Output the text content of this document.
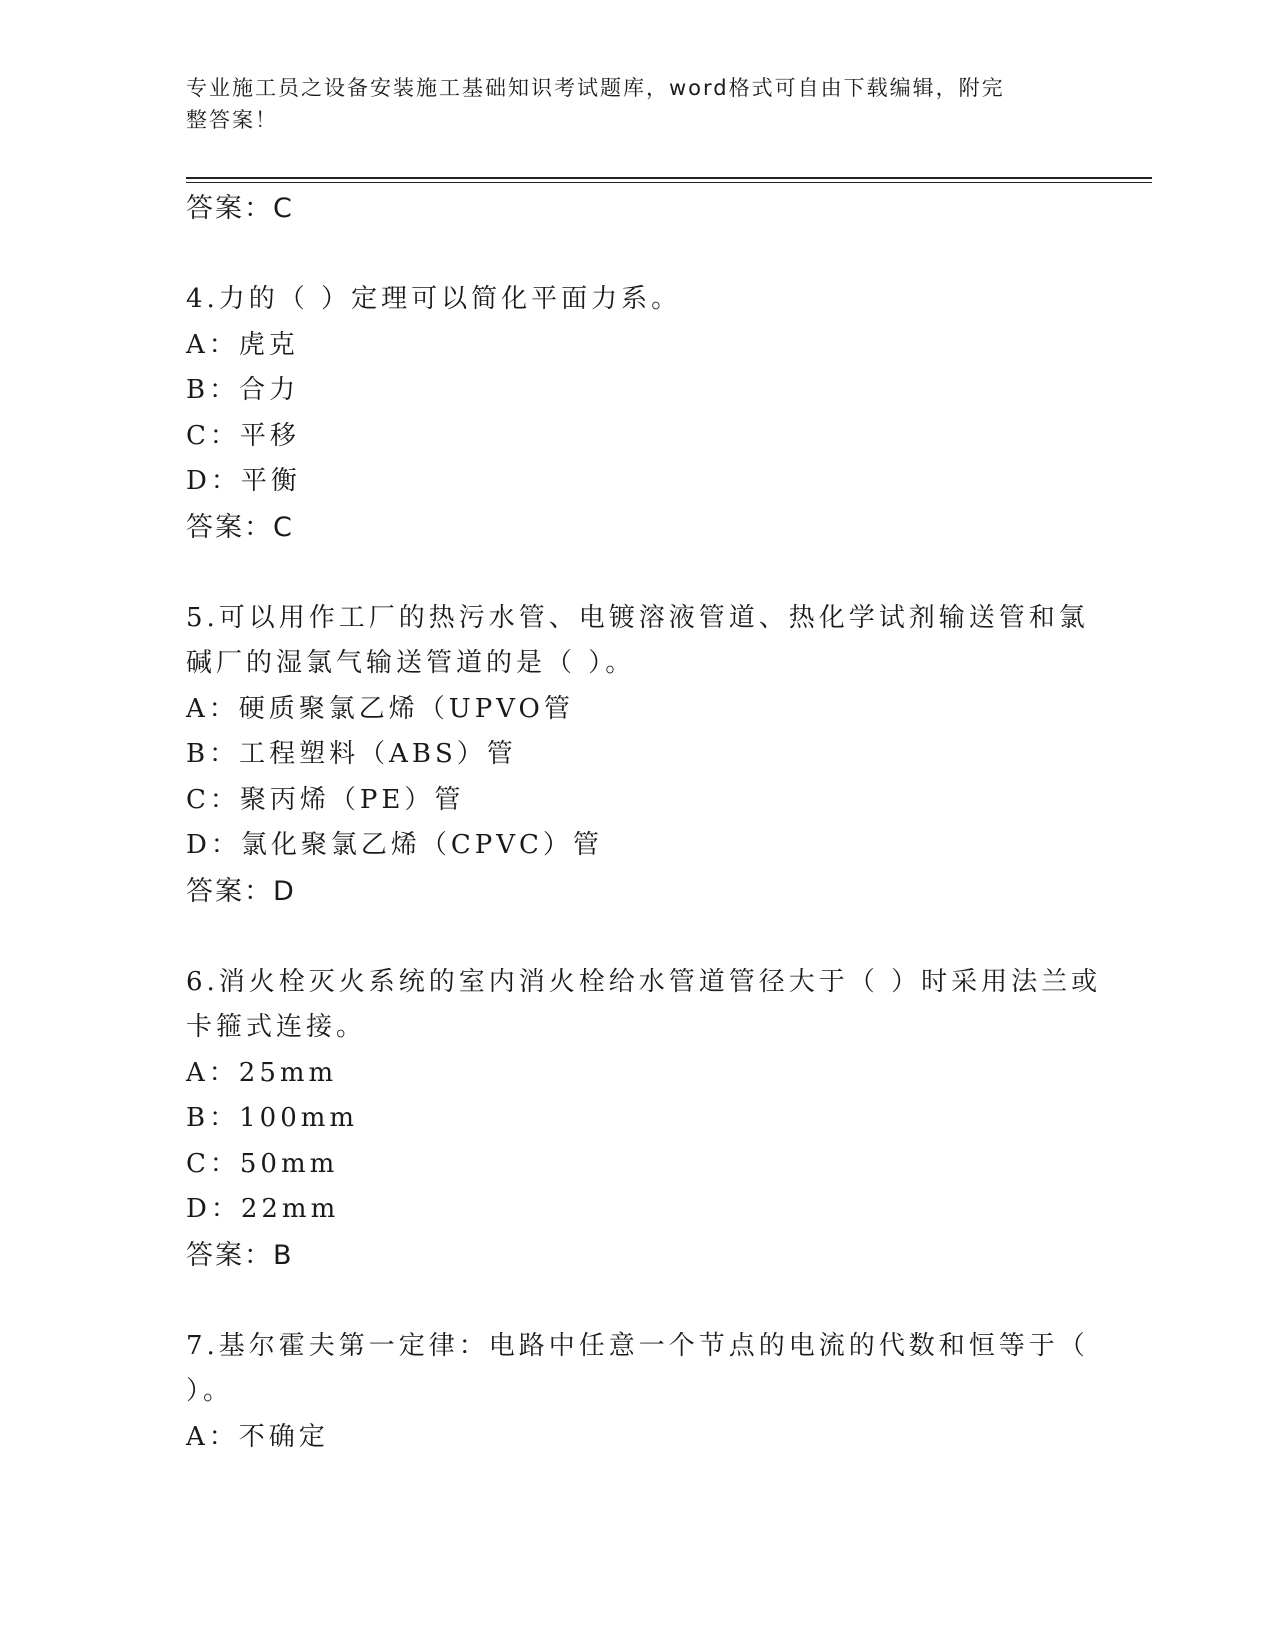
专业施工员之设备安装施工基础知识考试题库，word格式可自由下载编辑，附完
整答案！
答案：C
4.力的（ ）定理可以简化平面力系。
A：虎克
B：合力
C：平移
D：平衡
答案：C
5.可以用作工厂的热污水管、电镀溶液管道、热化学试剂输送管和氯
碱厂的湿氯气输送管道的是（ ）。
A：硬质聚氯乙烯（UPVO管
B：工程塑料（ABS）管
C：聚丙烯（PE）管
D：氯化聚氯乙烯（CPVC）管
答案：D
6.消火栓灭火系统的室内消火栓给水管道管径大于（ ）时采用法兰或
卡箍式连接。
A：25mm
B：100mm
C：50mm
D：22mm
答案：B
7.基尔霍夫第一定律：电路中任意一个节点的电流的代数和恒等于（
）。
A：不确定
